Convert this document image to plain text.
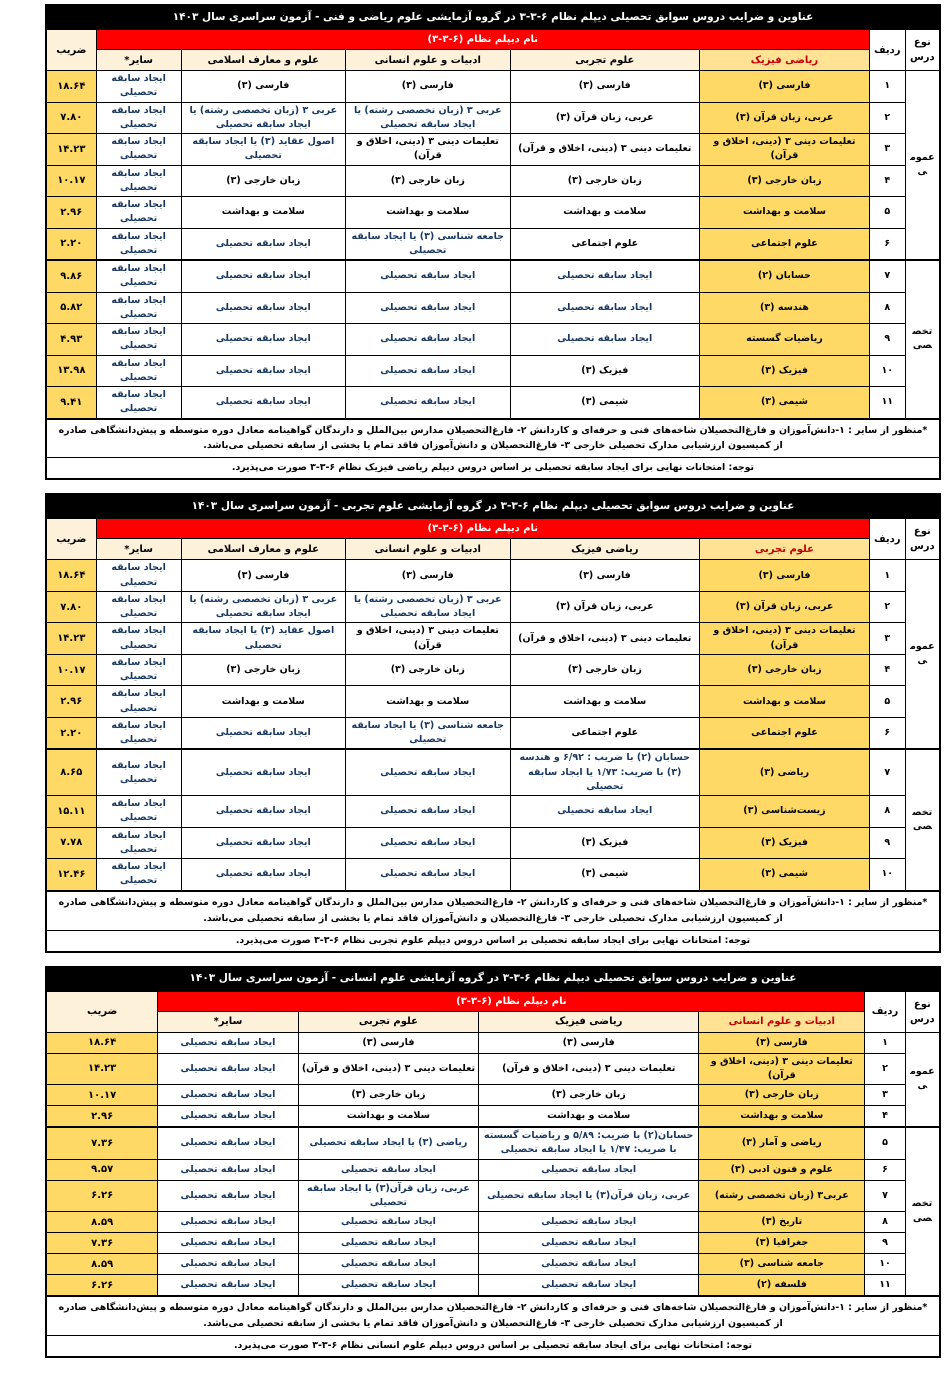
عناوین و ضرایب دروس سوابق تحصیلی دیپلم نظام ۶-۳-۳ در گروه آزمایشی علوم ریاضی و فنی - آزمون سراسری سال ۱۴۰۳							
نوع درس	ردیف	نام دیپلم نظام (۶-۳-۳)					ضریب
		ریاضی فیزیک	علوم تجربی	ادبیات و علوم انسانی	علوم و معارف اسلامی	سایر*	
عمومی	۱	فارسی (۳)	فارسی (۳)	فارسی (۳)	فارسی (۳)	ایجاد سابقه تحصیلی	۱۸.۶۴
	۲	عربی، زبان قرآن (۳)	عربی، زبان قرآن (۳)	عربی ۳ (زبان تخصصی رشته) یا ایجاد سابقه تحصیلی	عربی ۳ (زبان تخصصی رشته) یا ایجاد سابقه تحصیلی	ایجاد سابقه تحصیلی	۷.۸۰
	۳	تعلیمات دینی ۳ (دینی، اخلاق و قرآن)	تعلیمات دینی ۳ (دینی، اخلاق و قرآن)	تعلیمات دینی ۳ (دینی، اخلاق و قرآن)	اصول عقاید (۳) یا ایجاد سابقه تحصیلی	ایجاد سابقه تحصیلی	۱۴.۲۳
	۴	زبان خارجی (۳)	زبان خارجی (۳)	زبان خارجی (۳)	زبان خارجی (۳)	ایجاد سابقه تحصیلی	۱۰.۱۷
	۵	سلامت و بهداشت	سلامت و بهداشت	سلامت و بهداشت	سلامت و بهداشت	ایجاد سابقه تحصیلی	۲.۹۶
	۶	علوم اجتماعی	علوم اجتماعی	جامعه شناسی (۳) یا ایجاد سابقه تحصیلی	ایجاد سابقه تحصیلی	ایجاد سابقه تحصیلی	۲.۲۰
تخصصی	۷	حسابان (۲)	ایجاد سابقه تحصیلی	ایجاد سابقه تحصیلی	ایجاد سابقه تحصیلی	ایجاد سابقه تحصیلی	۹.۸۶
	۸	هندسه (۳)	ایجاد سابقه تحصیلی	ایجاد سابقه تحصیلی	ایجاد سابقه تحصیلی	ایجاد سابقه تحصیلی	۵.۸۲
	۹	ریاضیات گسسته	ایجاد سابقه تحصیلی	ایجاد سابقه تحصیلی	ایجاد سابقه تحصیلی	ایجاد سابقه تحصیلی	۴.۹۳
	۱۰	فیزیک (۳)	فیزیک (۳)	ایجاد سابقه تحصیلی	ایجاد سابقه تحصیلی	ایجاد سابقه تحصیلی	۱۳.۹۸
	۱۱	شیمی (۳)	شیمی (۳)	ایجاد سابقه تحصیلی	ایجاد سابقه تحصیلی	ایجاد سابقه تحصیلی	۹.۴۱
*منظور از سایر : ۱-دانش‌آموزان و فارغ‌التحصیلان شاخه‌های فنی و حرفه‌ای و کاردانش ۲- فارغ‌التحصیلان مدارس بین‌الملل و دارندگان گواهینامه معادل دوره متوسطه و پیش‌دانشگاهی صادره از کمیسیون ارزشیابی مدارک تحصیلی خارجی ۳- فارغ‌التحصیلان و دانش‌آموزان فاقد تمام یا بخشی از سابقه تحصیلی می‌باشد.							
توجه: امتحانات نهایی برای ایجاد سابقه تحصیلی بر اساس دروس دیپلم ریاضی فیزیک نظام ۶-۳-۳ صورت می‌پذیرد.							
عناوین و ضرایب دروس سوابق تحصیلی دیپلم نظام ۶-۳-۳ در گروه آزمایشی علوم تجربی - آزمون سراسری سال ۱۴۰۳							
نوع درس	ردیف	نام دیپلم نظام (۶-۳-۳)					ضریب
		علوم تجربی	ریاضی فیزیک	ادبیات و علوم انسانی	علوم و معارف اسلامی	سایر*	
عمومی	۱	فارسی (۳)	فارسی (۳)	فارسی (۳)	فارسی (۳)	ایجاد سابقه تحصیلی	۱۸.۶۴
	۲	عربی، زبان قرآن (۳)	عربی، زبان قرآن (۳)	عربی ۳ (زبان تخصصی رشته) یا ایجاد سابقه تحصیلی	عربی ۳ (زبان تخصصی رشته) یا ایجاد سابقه تحصیلی	ایجاد سابقه تحصیلی	۷.۸۰
	۳	تعلیمات دینی ۳ (دینی، اخلاق و قرآن)	تعلیمات دینی ۳ (دینی، اخلاق و قرآن)	تعلیمات دینی ۳ (دینی، اخلاق و قرآن)	اصول عقاید (۳) یا ایجاد سابقه تحصیلی	ایجاد سابقه تحصیلی	۱۴.۲۳
	۴	زبان خارجی (۳)	زبان خارجی (۳)	زبان خارجی (۳)	زبان خارجی (۳)	ایجاد سابقه تحصیلی	۱۰.۱۷
	۵	سلامت و بهداشت	سلامت و بهداشت	سلامت و بهداشت	سلامت و بهداشت	ایجاد سابقه تحصیلی	۲.۹۶
	۶	علوم اجتماعی	علوم اجتماعی	جامعه شناسی (۳) یا ایجاد سابقه تحصیلی	ایجاد سابقه تحصیلی	ایجاد سابقه تحصیلی	۲.۲۰
تخصصی	۷	ریاضی (۳)	حسابان (۲) با ضریب : ۶/۹۲ و هندسه (۳) با ضریب: ۱/۷۳ یا ایجاد سابقه تحصیلی	ایجاد سابقه تحصیلی	ایجاد سابقه تحصیلی	ایجاد سابقه تحصیلی	۸.۶۵
	۸	زیست‌شناسی (۳)	ایجاد سابقه تحصیلی	ایجاد سابقه تحصیلی	ایجاد سابقه تحصیلی	ایجاد سابقه تحصیلی	۱۵.۱۱
	۹	فیزیک (۳)	فیزیک (۳)	ایجاد سابقه تحصیلی	ایجاد سابقه تحصیلی	ایجاد سابقه تحصیلی	۷.۷۸
	۱۰	شیمی (۳)	شیمی (۳)	ایجاد سابقه تحصیلی	ایجاد سابقه تحصیلی	ایجاد سابقه تحصیلی	۱۲.۴۶
*منظور از سایر : ۱-دانش‌آموزان و فارغ‌التحصیلان شاخه‌های فنی و حرفه‌ای و کاردانش ۲- فارغ‌التحصیلان مدارس بین‌الملل و دارندگان گواهینامه معادل دوره متوسطه و پیش‌دانشگاهی صادره از کمیسیون ارزشیابی مدارک تحصیلی خارجی ۳- فارغ‌التحصیلان و دانش‌آموزان فاقد تمام یا بخشی از سابقه تحصیلی می‌باشد.							
توجه: امتحانات نهایی برای ایجاد سابقه تحصیلی بر اساس دروس دیپلم علوم تجربی نظام ۶-۳-۳ صورت می‌پذیرد.							
عناوین و ضرایب دروس سوابق تحصیلی دیپلم نظام ۶-۳-۳ در گروه آزمایشی علوم انسانی - آزمون سراسری سال ۱۴۰۳						
نوع درس	ردیف	نام دیپلم نظام (۶-۳-۳)				ضریب
		ادبیات و علوم انسانی	ریاضی فیزیک	علوم تجربی	سایر*	
عمومی	۱	فارسی (۳)	فارسی (۳)	فارسی (۳)	ایجاد سابقه تحصیلی	۱۸.۶۴
	۲	تعلیمات دینی ۳ (دینی، اخلاق و قرآن)	تعلیمات دینی ۳ (دینی، اخلاق و قرآن)	تعلیمات دینی ۳ (دینی، اخلاق و قرآن)	ایجاد سابقه تحصیلی	۱۴.۲۳
	۳	زبان خارجی (۳)	زبان خارجی (۳)	زبان خارجی (۳)	ایجاد سابقه تحصیلی	۱۰.۱۷
	۴	سلامت و بهداشت	سلامت و بهداشت	سلامت و بهداشت	ایجاد سابقه تحصیلی	۲.۹۶
تخصصی	۵	ریاضی و آمار (۳)	حسابان(۲) با ضریب: ۵/۸۹ و ریاضیات گسسته با ضریب: ۱/۴۷ یا ایجاد سابقه تحصیلی	ریاضی (۳) یا ایجاد سابقه تحصیلی	ایجاد سابقه تحصیلی	۷.۳۶
	۶	علوم و فنون ادبی (۳)	ایجاد سابقه تحصیلی	ایجاد سابقه تحصیلی	ایجاد سابقه تحصیلی	۹.۵۷
	۷	عربی۳ (زبان تخصصی رشته)	عربی، زبان قرآن(۳) یا ایجاد سابقه تحصیلی	عربی، زبان قرآن(۳) یا ایجاد سابقه تحصیلی	ایجاد سابقه تحصیلی	۶.۲۶
	۸	تاریخ (۳)	ایجاد سابقه تحصیلی	ایجاد سابقه تحصیلی	ایجاد سابقه تحصیلی	۸.۵۹
	۹	جغرافیا (۳)	ایجاد سابقه تحصیلی	ایجاد سابقه تحصیلی	ایجاد سابقه تحصیلی	۷.۳۶
	۱۰	جامعه شناسی (۳)	ایجاد سابقه تحصیلی	ایجاد سابقه تحصیلی	ایجاد سابقه تحصیلی	۸.۵۹
	۱۱	فلسفه (۲)	ایجاد سابقه تحصیلی	ایجاد سابقه تحصیلی	ایجاد سابقه تحصیلی	۶.۲۶
*منظور از سایر : ۱-دانش‌آموزان و فارغ‌التحصیلان شاخه‌های فنی و حرفه‌ای و کاردانش ۲- فارغ‌التحصیلان مدارس بین‌الملل و دارندگان گواهینامه معادل دوره متوسطه و پیش‌دانشگاهی صادره از کمیسیون ارزشیابی مدارک تحصیلی خارجی ۳- فارغ‌التحصیلان و دانش‌آموزان فاقد تمام یا بخشی از سابقه تحصیلی می‌باشد.						
توجه: امتحانات نهایی برای ایجاد سابقه تحصیلی بر اساس دروس دیپلم علوم انسانی نظام ۶-۳-۳ صورت می‌پذیرد.						
